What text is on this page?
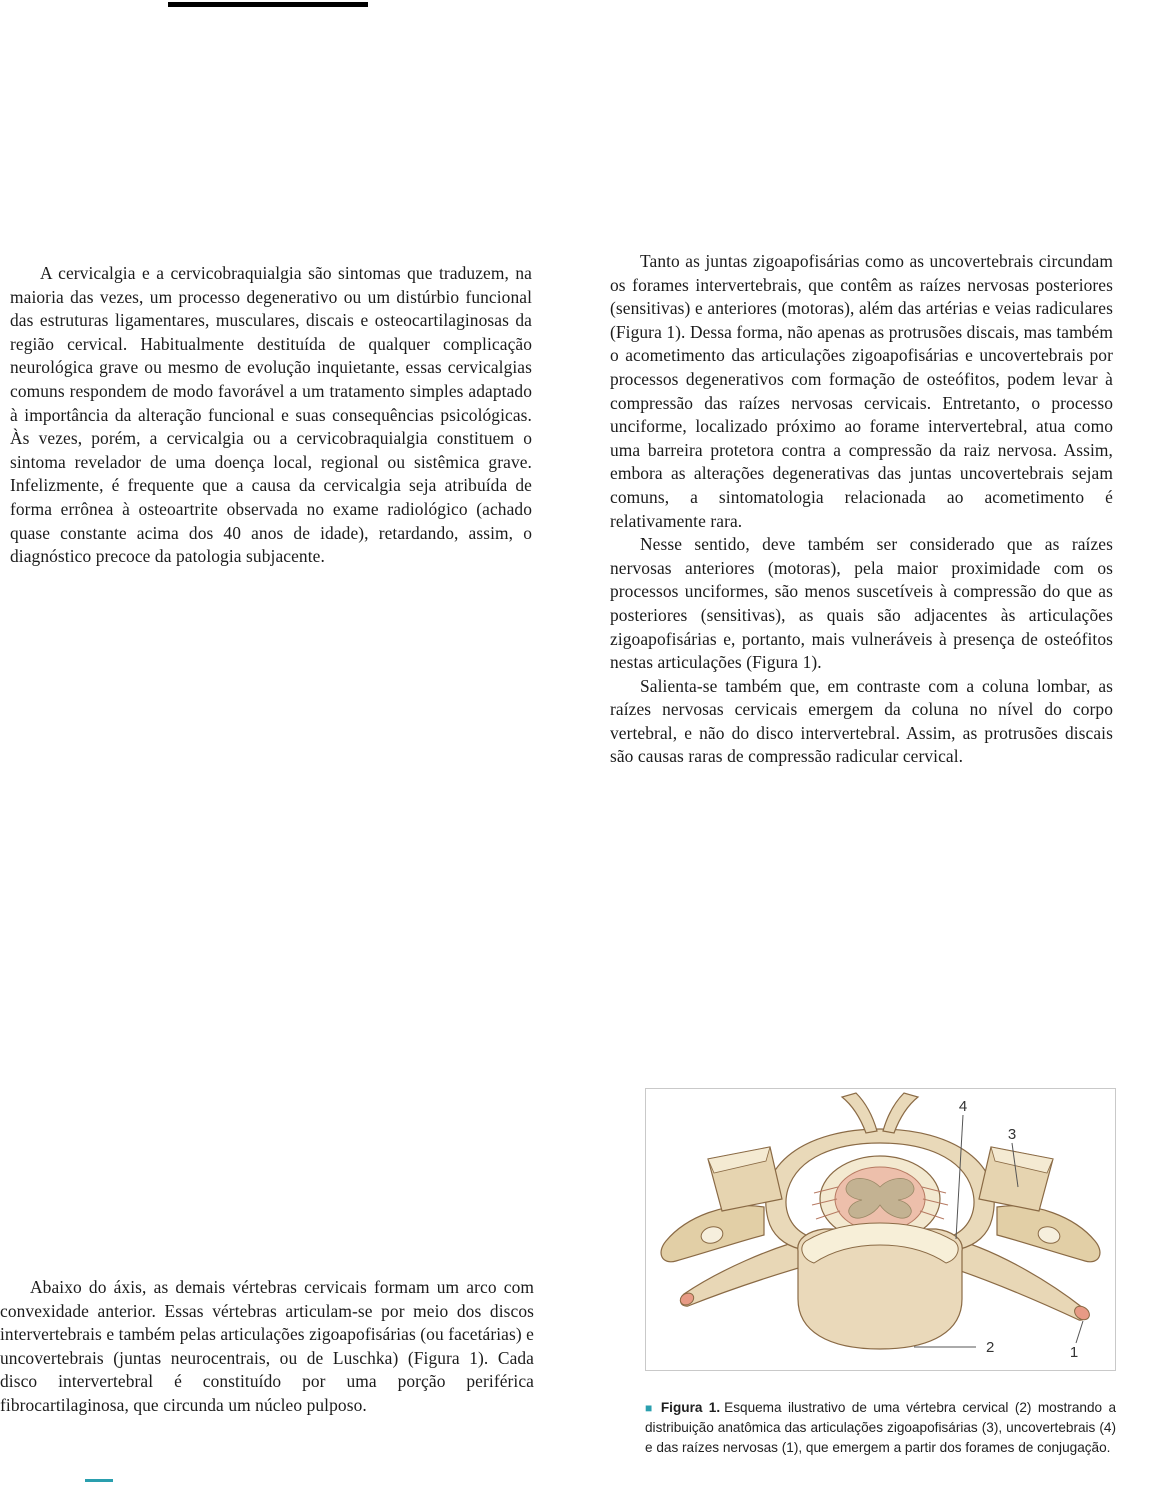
A cervicalgia e a cervicobraquialgia são sintomas que traduzem, na maioria das vezes, um processo degenerativo ou um distúrbio funcional das estruturas ligamentares, musculares, discais e osteocartilaginosas da região cervical. Habitualmente destituída de qualquer complicação neurológica grave ou mesmo de evolução inquietante, essas cervicalgias comuns respondem de modo favorável a um tratamento simples adaptado à importância da alteração funcional e suas consequências psicológicas. Às vezes, porém, a cervicalgia ou a cervicobraquialgia constituem o sintoma revelador de uma doença local, regional ou sistêmica grave. Infelizmente, é frequente que a causa da cervicalgia seja atribuída de forma errônea à osteoartrite observada no exame radiológico (achado quase constante acima dos 40 anos de idade), retardando, assim, o diagnóstico precoce da patologia subjacente.

Tanto as juntas zigoapofisárias como as uncovertebrais circundam os forames intervertebrais, que contêm as raízes nervosas posteriores (sensitivas) e anteriores (motoras), além das artérias e veias radiculares (Figura 1). Dessa forma, não apenas as protrusões discais, mas também o acometimento das articulações zigoapofisárias e uncovertebrais por processos degenerativos com formação de osteófitos, podem levar à compressão das raízes nervosas cervicais. Entretanto, o processo unciforme, localizado próximo ao forame intervertebral, atua como uma barreira protetora contra a compressão da raiz nervosa. Assim, embora as alterações degenerativas das juntas uncovertebrais sejam comuns, a sintomatologia relacionada ao acometimento é relativamente rara.

Nesse sentido, deve também ser considerado que as raízes nervosas anteriores (motoras), pela maior proximidade com os processos unciformes, são menos suscetíveis à compressão do que as posteriores (sensitivas), as quais são adjacentes às articulações zigoapofisárias e, portanto, mais vulneráveis à presença de osteófitos nestas articulações (Figura 1).

Salienta-se também que, em contraste com a coluna lombar, as raízes nervosas cervicais emergem da coluna no nível do corpo vertebral, e não do disco intervertebral. Assim, as protrusões discais são causas raras de compressão radicular cervical.

Abaixo do áxis, as demais vértebras cervicais formam um arco com convexidade anterior. Essas vértebras articulam-se por meio dos discos intervertebrais e também pelas articulações zigoapofisárias (ou facetárias) e uncovertebrais (juntas neurocentrais, ou de Luschka) (Figura 1). Cada disco intervertebral é constituído por uma porção periférica fibrocartilaginosa, que circunda um núcleo pulposo.

4
3
2	1

■ Figura 1. Esquema ilustrativo de uma vértebra cervical (2) mostrando a distribuição anatômica das articulações zigoapofisárias (3), uncovertebrais (4) e das raízes nervosas (1), que emergem a partir dos forames de conjugação.
